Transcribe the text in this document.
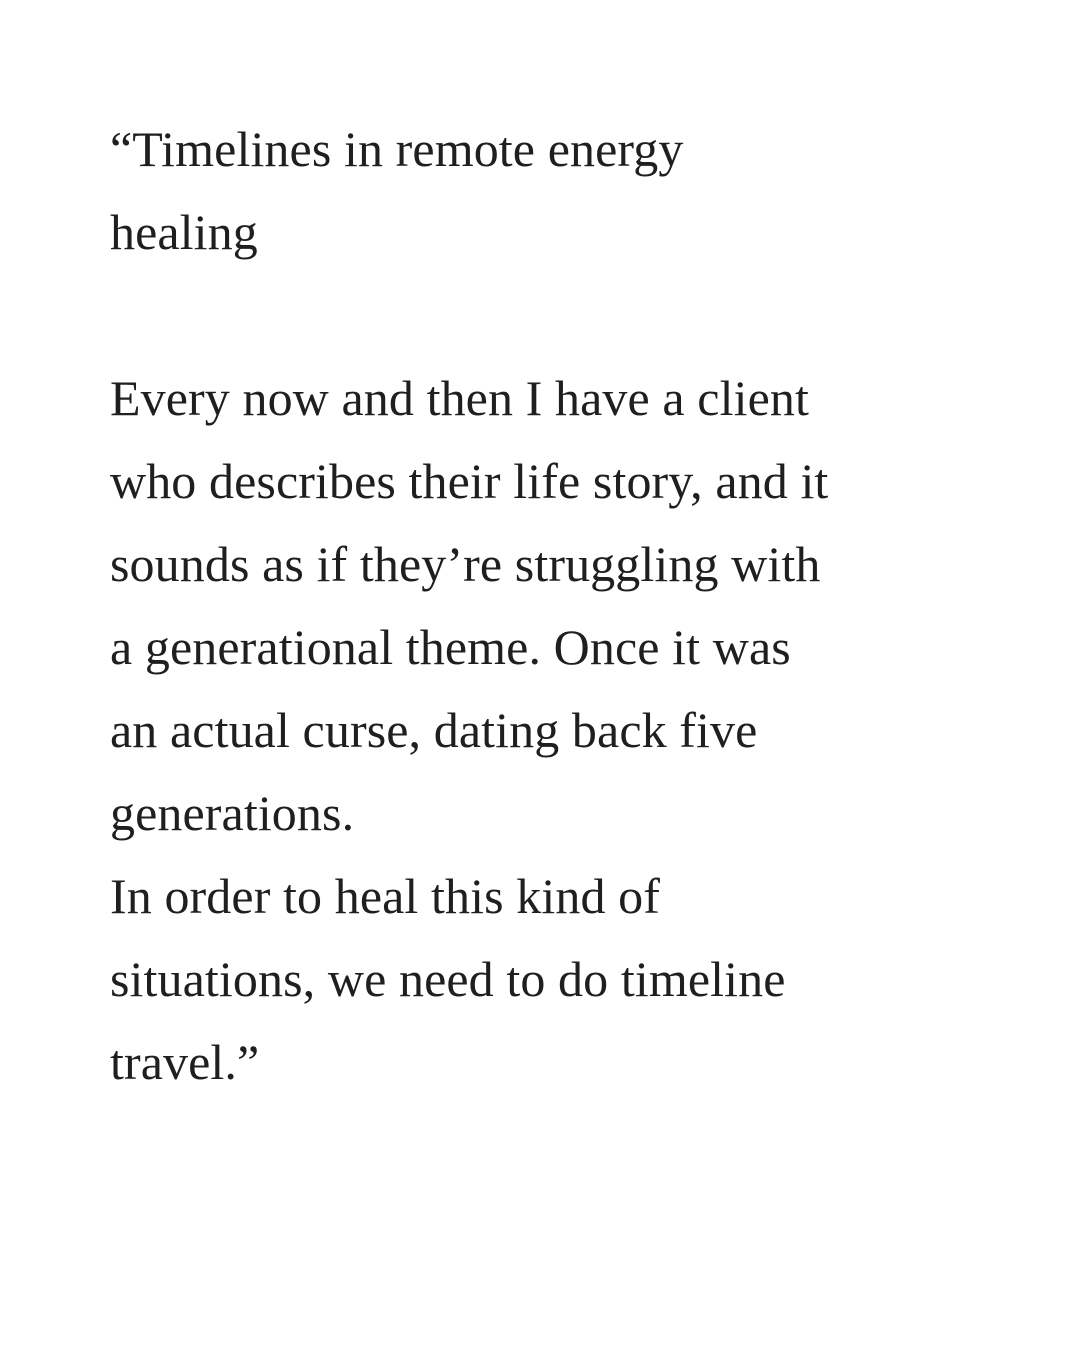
“Timelines in remote energy
healing
Every now and then I have a client
who describes their life story, and it
sounds as if they’re struggling with
a generational theme. Once it was
an actual curse, dating back five
generations.
In order to heal this kind of
situations, we need to do timeline
travel.”
